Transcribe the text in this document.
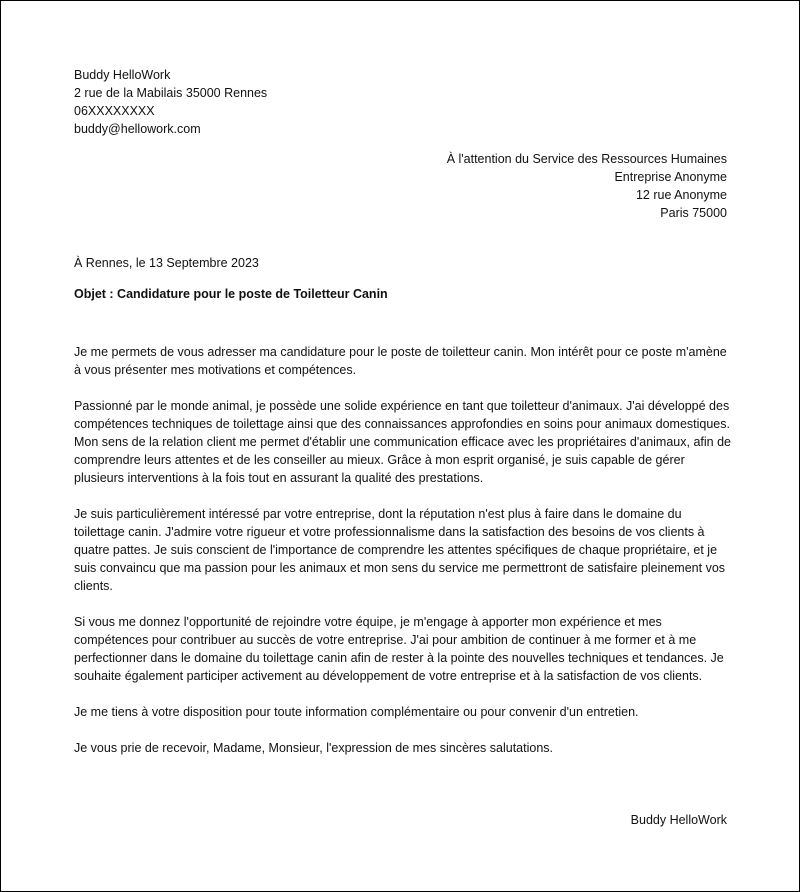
Buddy HelloWork
2 rue de la Mabilais 35000 Rennes
06XXXXXXXX
buddy@hellowork.com
À l'attention du Service des Ressources Humaines
Entreprise Anonyme
12 rue Anonyme
Paris 75000
À Rennes, le 13 Septembre 2023
Objet : Candidature pour le poste de Toiletteur Canin

Je me permets de vous adresser ma candidature pour le poste de toiletteur canin. Mon intérêt pour ce poste m'amène à vous présenter mes motivations et compétences.

Passionné par le monde animal, je possède une solide expérience en tant que toiletteur d'animaux. J'ai développé des compétences techniques de toilettage ainsi que des connaissances approfondies en soins pour animaux domestiques. Mon sens de la relation client me permet d'établir une communication efficace avec les propriétaires d'animaux, afin de comprendre leurs attentes et de les conseiller au mieux. Grâce à mon esprit organisé, je suis capable de gérer plusieurs interventions à la fois tout en assurant la qualité des prestations.

Je suis particulièrement intéressé par votre entreprise, dont la réputation n'est plus à faire dans le domaine du toilettage canin. J'admire votre rigueur et votre professionnalisme dans la satisfaction des besoins de vos clients à quatre pattes. Je suis conscient de l'importance de comprendre les attentes spécifiques de chaque propriétaire, et je suis convaincu que ma passion pour les animaux et mon sens du service me permettront de satisfaire pleinement vos clients.

Si vous me donnez l'opportunité de rejoindre votre équipe, je m'engage à apporter mon expérience et mes compétences pour contribuer au succès de votre entreprise. J'ai pour ambition de continuer à me former et à me perfectionner dans le domaine du toilettage canin afin de rester à la pointe des nouvelles techniques et tendances. Je souhaite également participer activement au développement de votre entreprise et à la satisfaction de vos clients.

Je me tiens à votre disposition pour toute information complémentaire ou pour convenir d'un entretien.

Je vous prie de recevoir, Madame, Monsieur, l'expression de mes sincères salutations.

Buddy HelloWork
